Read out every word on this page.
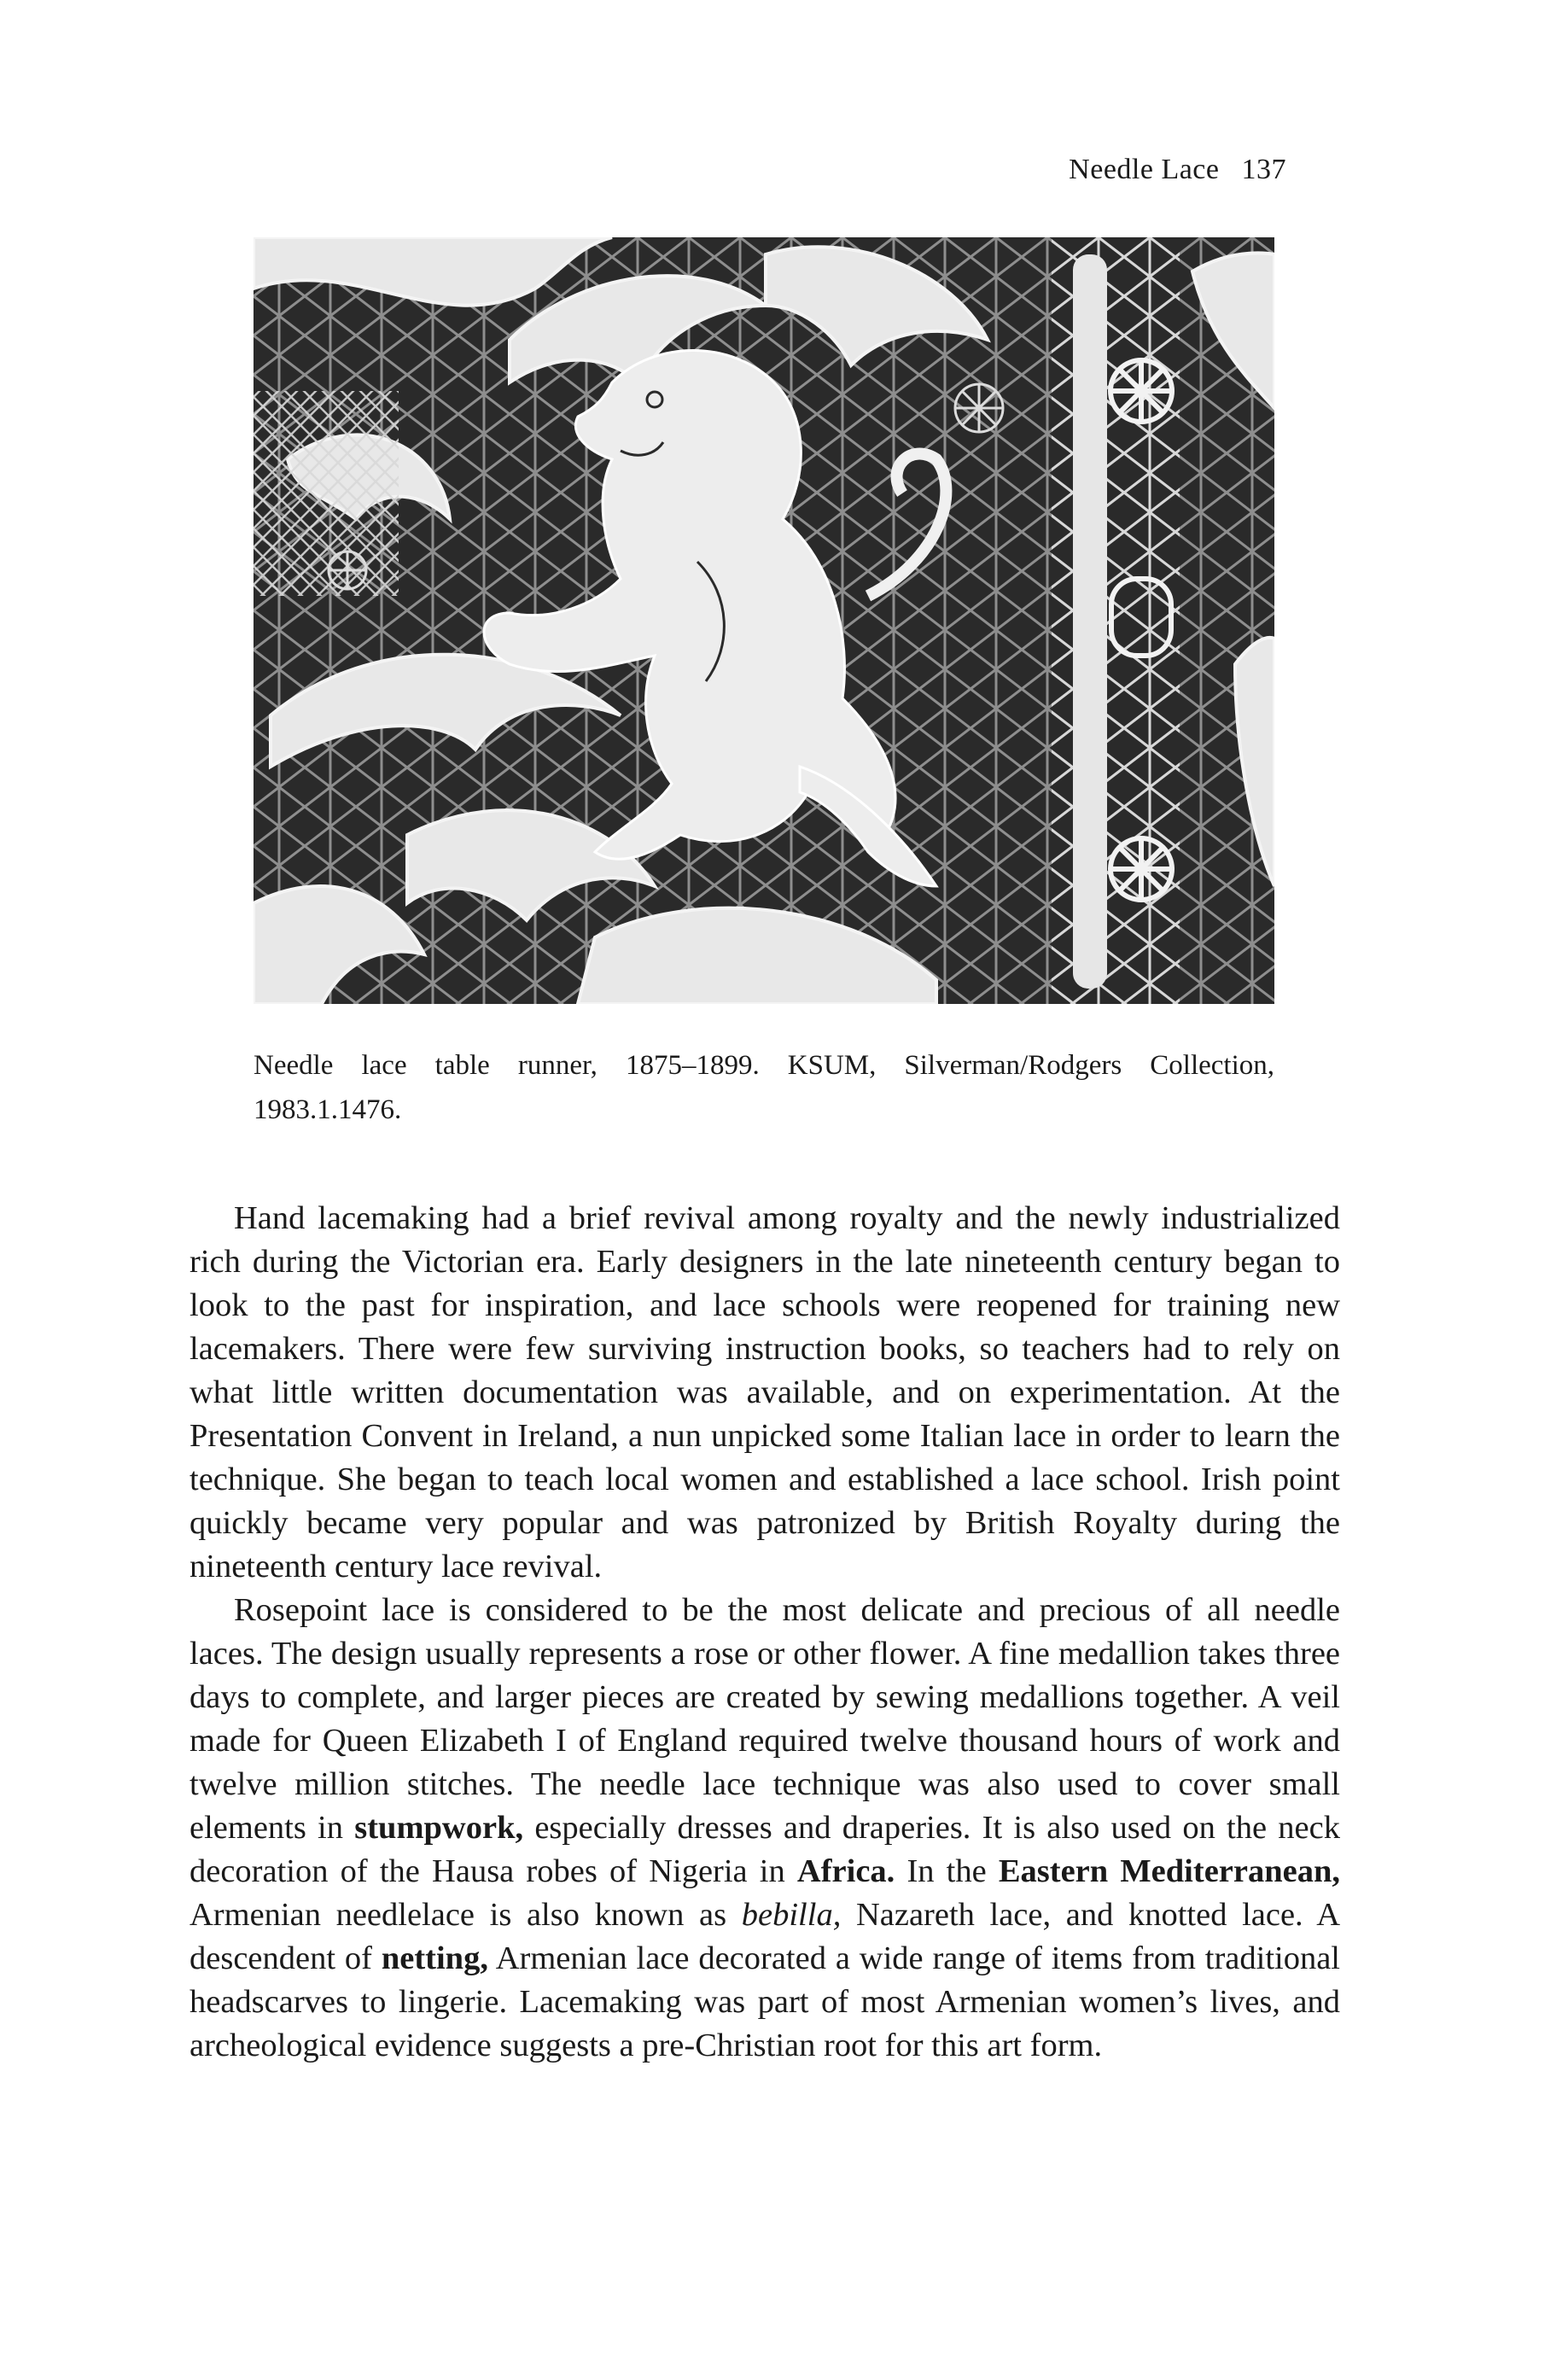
Needle Lace 137
Needle lace table runner, 1875–1899. KSUM, Silverman/Rodgers Collection, 1983.1.1476.

Hand lacemaking had a brief revival among royalty and the newly industrialized rich during the Victorian era. Early designers in the late nineteenth century began to look to the past for inspiration, and lace schools were reopened for training new lacemakers. There were few surviving instruction books, so teachers had to rely on what little written documentation was available, and on experimentation. At the Presentation Convent in Ireland, a nun unpicked some Italian lace in order to learn the technique. She began to teach local women and established a lace school. Irish point quickly became very popular and was patronized by British Royalty during the nineteenth century lace revival.

Rosepoint lace is considered to be the most delicate and precious of all needle laces. The design usually represents a rose or other flower. A fine medallion takes three days to complete, and larger pieces are created by sewing medallions together. A veil made for Queen Elizabeth I of England required twelve thousand hours of work and twelve million stitches. The needle lace technique was also used to cover small elements in stumpwork, especially dresses and draperies. It is also used on the neck decoration of the Hausa robes of Nigeria in Africa. In the Eastern Mediterranean, Armenian needlelace is also known as bebilla, Nazareth lace, and knotted lace. A descendent of netting, Armenian lace decorated a wide range of items from traditional headscarves to lingerie. Lacemaking was part of most Armenian women’s lives, and archeological evidence suggests a pre-Christian root for this art form.
